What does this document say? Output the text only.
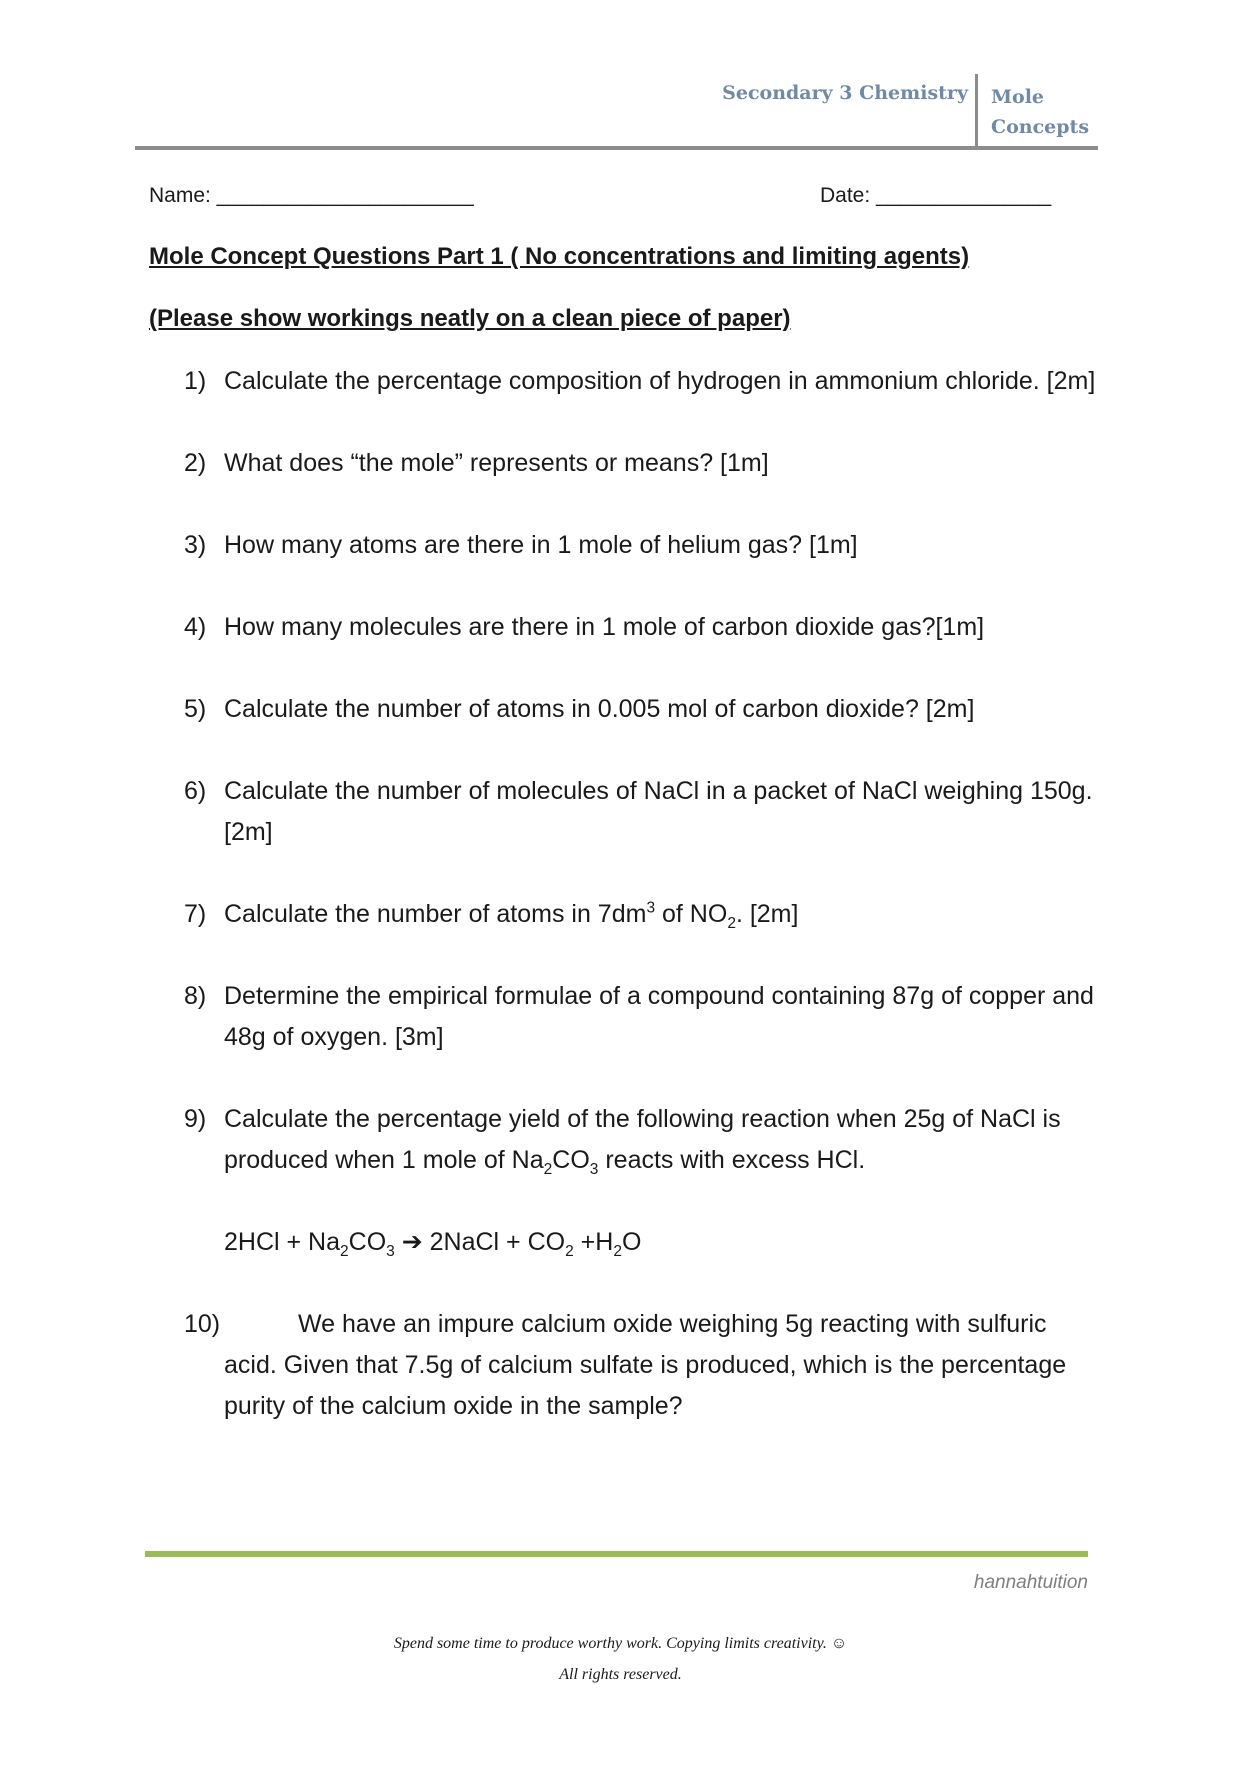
Secondary 3 Chemistry Mole
Concepts
Name: ______________________	Date: _______________
Mole Concept Questions Part 1 ( No concentrations and limiting agents)
(Please show workings neatly on a clean piece of paper)
1) Calculate the percentage composition of hydrogen in ammonium chloride. [2m]
2) What does “the mole” represents or means? [1m]
3) How many atoms are there in 1 mole of helium gas? [1m]
4) How many molecules are there in 1 mole of carbon dioxide gas?[1m]
5) Calculate the number of atoms in 0.005 mol of carbon dioxide? [2m]
6) Calculate the number of molecules of NaCl in a packet of NaCl weighing 150g. [2m]
7) Calculate the number of atoms in $7dm^3$ of $NO_2$. [2m]
8) Determine the empirical formulae of a compound containing 87g of copper and 48g of oxygen. [3m]
9) Calculate the percentage yield of the following reaction when 25g of NaCl is produced when 1 mole of $Na_2CO_3$ reacts with excess HCl.
$2HCl + Na_2CO_3$ ➔ 2NaCl + $CO_2 +H_2O$
10)	We have an impure calcium oxide weighing 5g reacting with sulfuric acid. Given that 7.5g of calcium sulfate is produced, which is the percentage purity of the calcium oxide in the sample?
hannahtuition
Spend some time to produce worthy work. Copying limits creativity. ☺
All rights reserved.
